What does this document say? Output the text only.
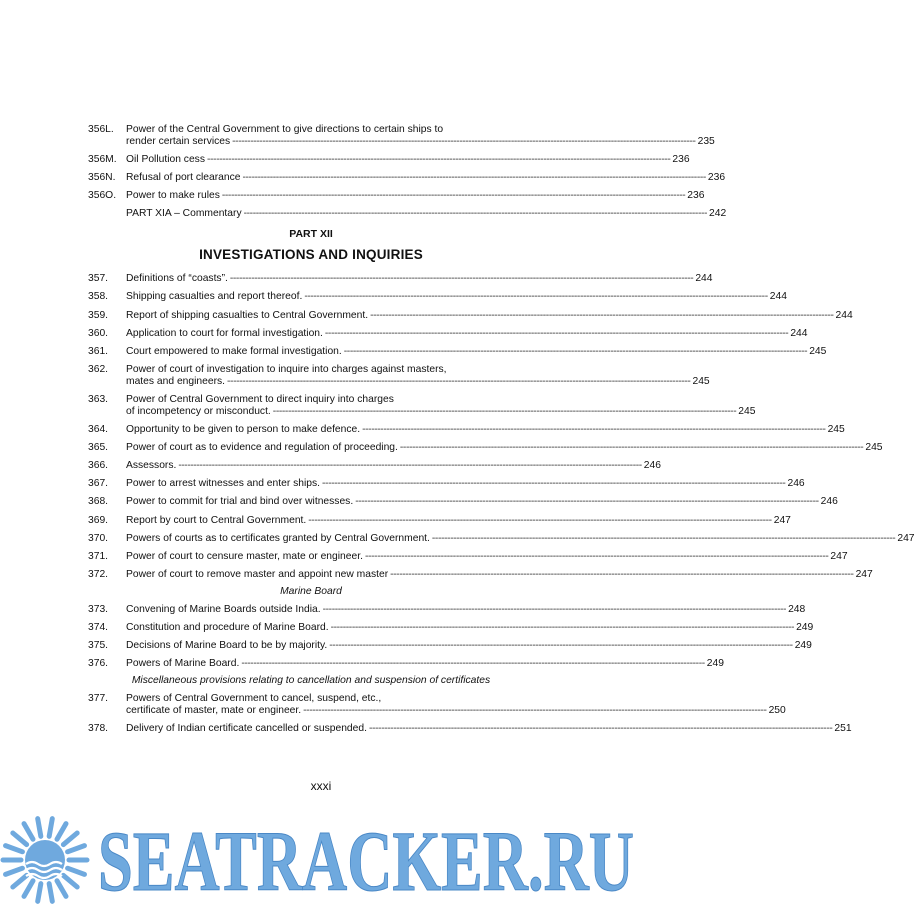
356L.	Power of the Central Government to give directions to certain ships to
render certain services -----	235
356M. Oil Pollution cess -----	236
356N.	Refusal of port clearance -----	236
356O. Power to make rules -----	236
PART XIA – Commentary -----	242
PART XII
INVESTIGATIONS AND INQUIRIES
357.	Definitions of “coasts”. -----	244
358.	Shipping casualties and report thereof. -----	244
359.	Report of shipping casualties to Central Government. -----	244
360.	Application to court for formal investigation. -----	244
361.	Court empowered to make formal investigation. -----	245
362.	Power of court of investigation to inquire into charges against masters,
mates and engineers. -----	245
363.	Power of Central Government to direct inquiry into charges
of incompetency or misconduct. -----	245
364.	Opportunity to be given to person to make defence. -----	245
365.	Power of court as to evidence and regulation of proceeding. -----	245
366.	Assessors. -----	246
367.	Power to arrest witnesses and enter ships. -----	246
368.	Power to commit for trial and bind over witnesses. -----	246
369.	Report by court to Central Government. -----	247
370.	Powers of courts as to certificates granted by Central Government. -----	247
371.	Power of court to censure master, mate or engineer. -----	247
372.	Power of court to remove master and appoint new master -----	247
Marine Board
373.	Convening of Marine Boards outside India. -----	248
374.	Constitution and procedure of Marine Board. -----	249
375.	Decisions of Marine Board to be by majority. -----	249
376.	Powers of Marine Board. -----	249
Miscellaneous provisions relating to cancellation and suspension of certificates
377.	Powers of Central Government to cancel, suspend, etc.,
certificate of master, mate or engineer. -----	250
378.	Delivery of Indian certificate cancelled or suspended. -----	251
xxxi
SEATRACKER.RU
